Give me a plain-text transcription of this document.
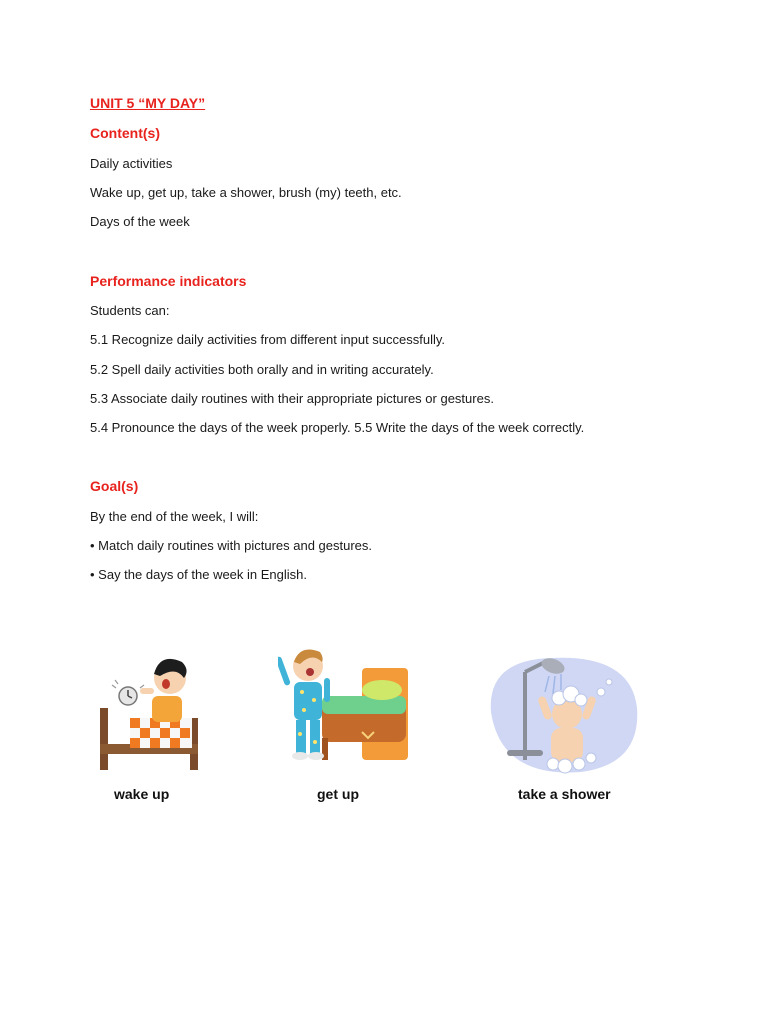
UNIT 5 “MY DAY”
Content(s)
Daily activities
Wake up, get up, take a shower, brush (my) teeth, etc.
Days of the week
Performance indicators
Students can:
5.1 Recognize daily activities from different input successfully.
5.2 Spell daily activities both orally and in writing accurately.
5.3 Associate daily routines with their appropriate pictures or gestures.
5.4 Pronounce the days of the week properly. 5.5 Write the days of the week correctly.
Goal(s)
By the end of the week, I will:
• Match daily routines with pictures and gestures.
• Say the days of the week in English.
wake up	get up	take a shower
